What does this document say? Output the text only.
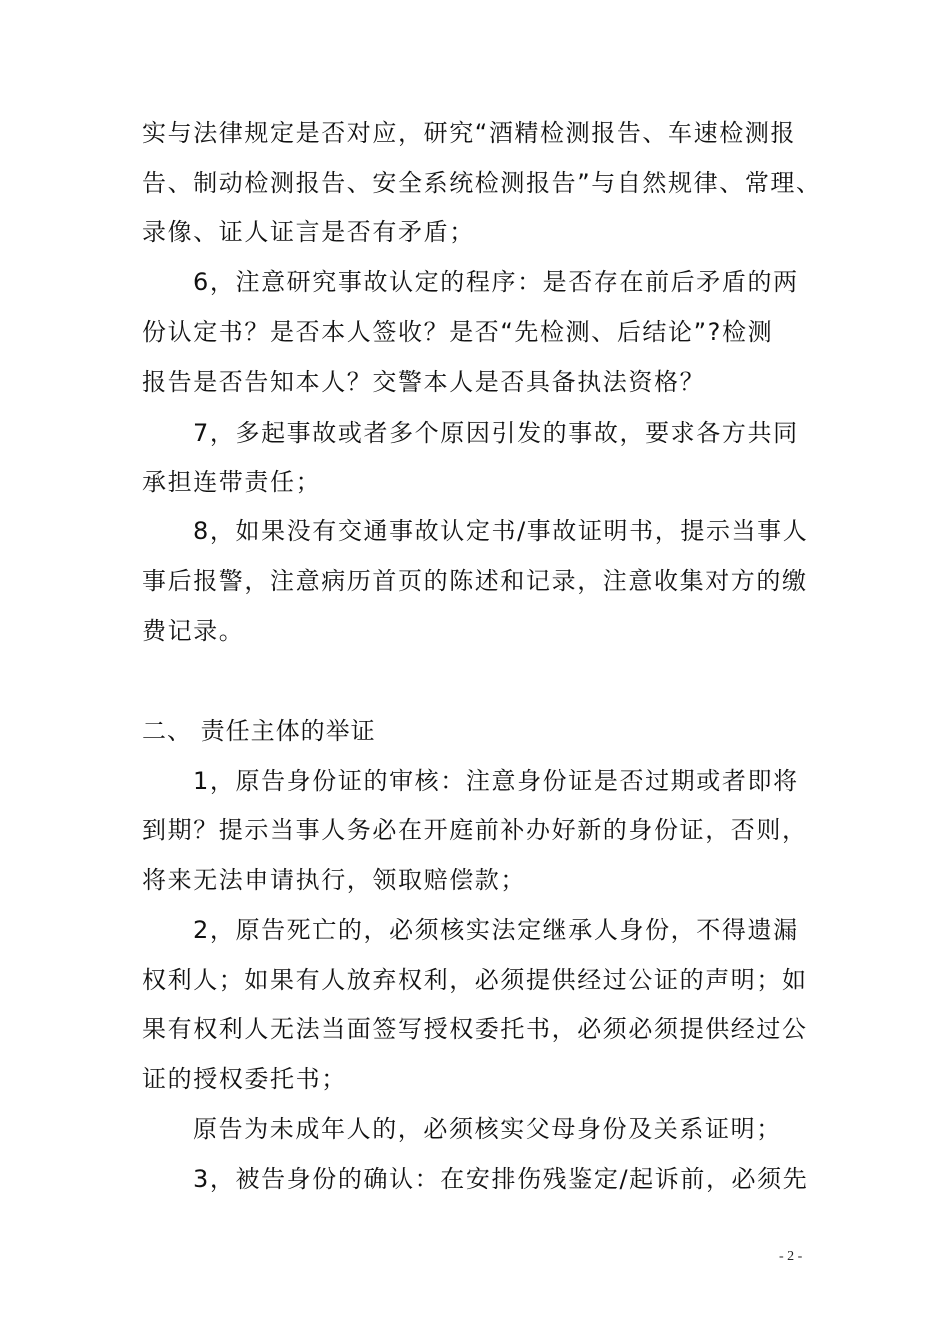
实与法律规定是否对应，研究“酒精检测报告、车速检测报
告、制动检测报告、安全系统检测报告”与自然规律、常理、
录像、证人证言是否有矛盾；
6，注意研究事故认定的程序：是否存在前后矛盾的两
份认定书？是否本人签收？是否“先检测、后结论”?检测
报告是否告知本人？交警本人是否具备执法资格？
7，多起事故或者多个原因引发的事故，要求各方共同
承担连带责任；
8，如果没有交通事故认定书/事故证明书，提示当事人
事后报警，注意病历首页的陈述和记录，注意收集对方的缴
费记录。
二、 责任主体的举证
1，原告身份证的审核：注意身份证是否过期或者即将
到期？提示当事人务必在开庭前补办好新的身份证，否则，
将来无法申请执行，领取赔偿款；
2，原告死亡的，必须核实法定继承人身份，不得遗漏
权利人；如果有人放弃权利，必须提供经过公证的声明；如
果有权利人无法当面签写授权委托书，必须必须提供经过公
证的授权委托书；
原告为未成年人的，必须核实父母身份及关系证明；
3，被告身份的确认：在安排伤残鉴定/起诉前，必须先
- 2 -
